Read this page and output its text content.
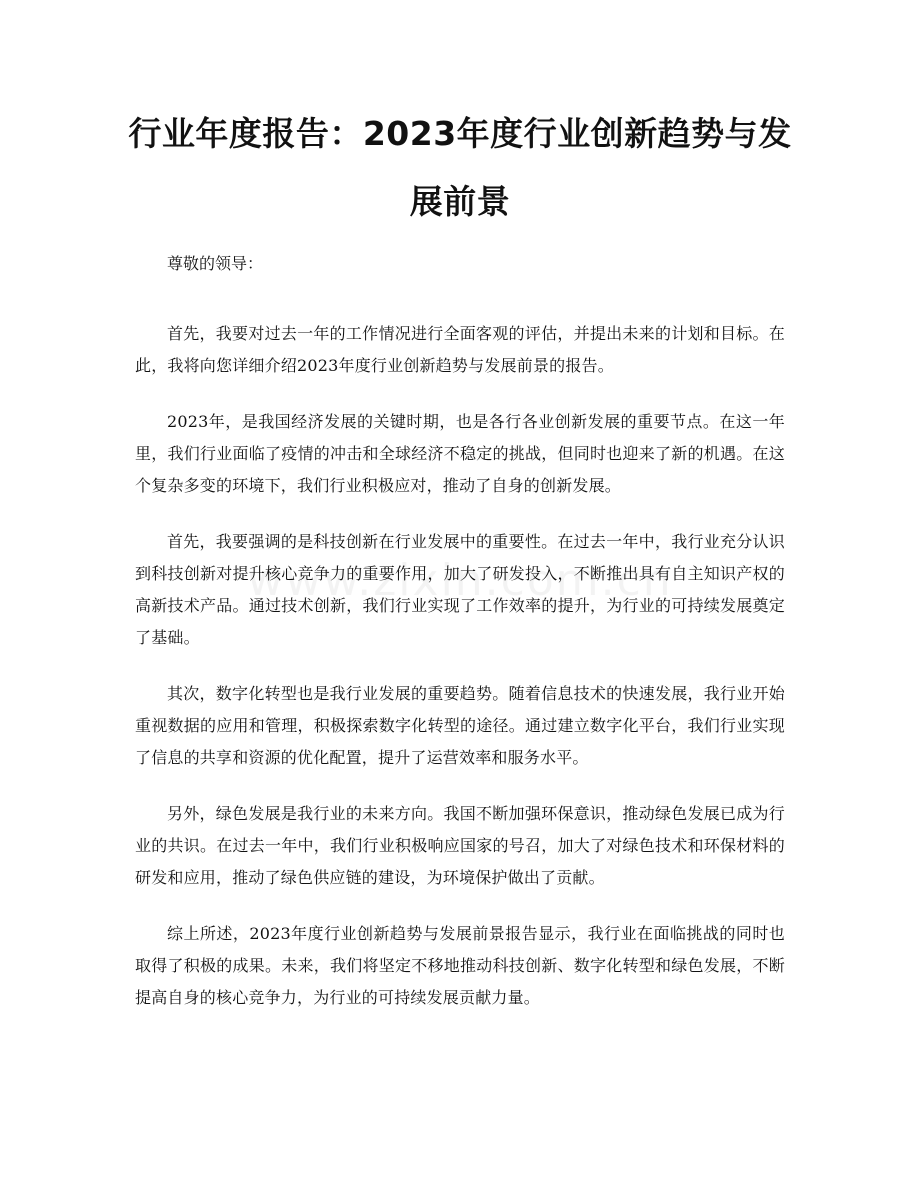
行业年度报告：2023年度行业创新趋势与发展前景

尊敬的领导：

首先，我要对过去一年的工作情况进行全面客观的评估，并提出未来的计划和目标。在此，我将向您详细介绍2023年度行业创新趋势与发展前景的报告。

2023年，是我国经济发展的关键时期，也是各行各业创新发展的重要节点。在这一年里，我们行业面临了疫情的冲击和全球经济不稳定的挑战，但同时也迎来了新的机遇。在这个复杂多变的环境下，我们行业积极应对，推动了自身的创新发展。

首先，我要强调的是科技创新在行业发展中的重要性。在过去一年中，我行业充分认识到科技创新对提升核心竞争力的重要作用，加大了研发投入，不断推出具有自主知识产权的高新技术产品。通过技术创新，我们行业实现了工作效率的提升，为行业的可持续发展奠定了基础。

其次，数字化转型也是我行业发展的重要趋势。随着信息技术的快速发展，我行业开始重视数据的应用和管理，积极探索数字化转型的途径。通过建立数字化平台，我们行业实现了信息的共享和资源的优化配置，提升了运营效率和服务水平。

另外，绿色发展是我行业的未来方向。我国不断加强环保意识，推动绿色发展已成为行业的共识。在过去一年中，我们行业积极响应国家的号召，加大了对绿色技术和环保材料的研发和应用，推动了绿色供应链的建设，为环境保护做出了贡献。

综上所述，2023年度行业创新趋势与发展前景报告显示，我行业在面临挑战的同时也取得了积极的成果。未来，我们将坚定不移地推动科技创新、数字化转型和绿色发展，不断提高自身的核心竞争力，为行业的可持续发展贡献力量。
